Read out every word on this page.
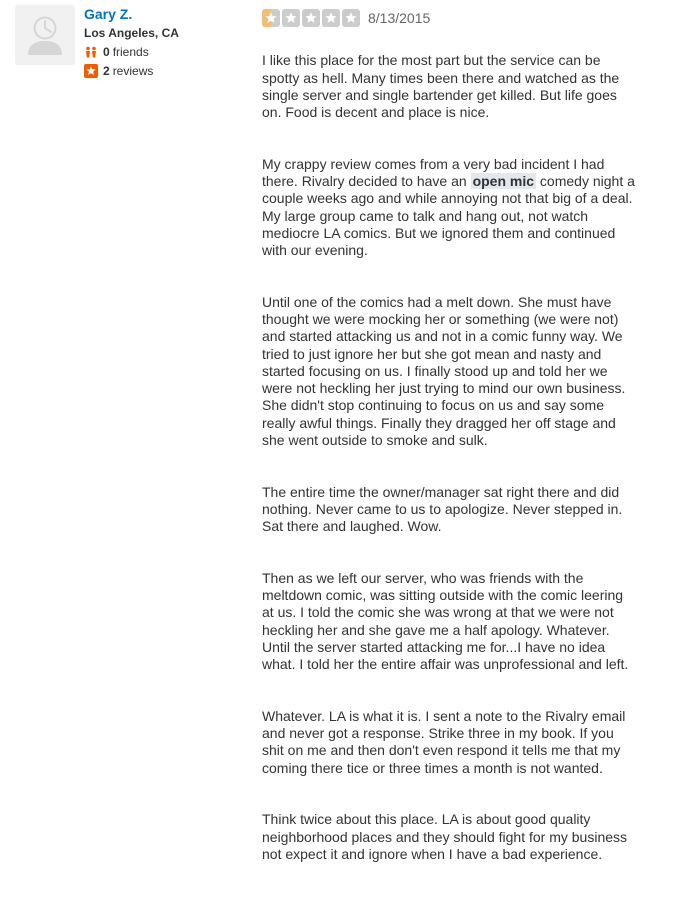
Gary Z.
Los Angeles, CA
0 friends
2 reviews
8/13/2015

I like this place for the most part but the service can be spotty as hell. Many times been there and watched as the single server and single bartender get killed. But life goes on. Food is decent and place is nice.

My crappy review comes from a very bad incident I had there. Rivalry decided to have an open mic comedy night a couple weeks ago and while annoying not that big of a deal. My large group came to talk and hang out, not watch mediocre LA comics. But we ignored them and continued with our evening.

Until one of the comics had a melt down. She must have thought we were mocking her or something (we were not) and started attacking us and not in a comic funny way. We tried to just ignore her but she got mean and nasty and started focusing on us. I finally stood up and told her we were not heckling her just trying to mind our own business. She didn't stop continuing to focus on us and say some really awful things. Finally they dragged her off stage and she went outside to smoke and sulk.

The entire time the owner/manager sat right there and did nothing. Never came to us to apologize. Never stepped in. Sat there and laughed. Wow.

Then as we left our server, who was friends with the meltdown comic, was sitting outside with the comic leering at us. I told the comic she was wrong at that we were not heckling her and she gave me a half apology. Whatever. Until the server started attacking me for...I have no idea what. I told her the entire affair was unprofessional and left.

Whatever. LA is what it is. I sent a note to the Rivalry email and never got a response. Strike three in my book. If you shit on me and then don't even respond it tells me that my coming there tice or three times a month is not wanted.

Think twice about this place. LA is about good quality neighborhood places and they should fight for my business not expect it and ignore when I have a bad experience.
